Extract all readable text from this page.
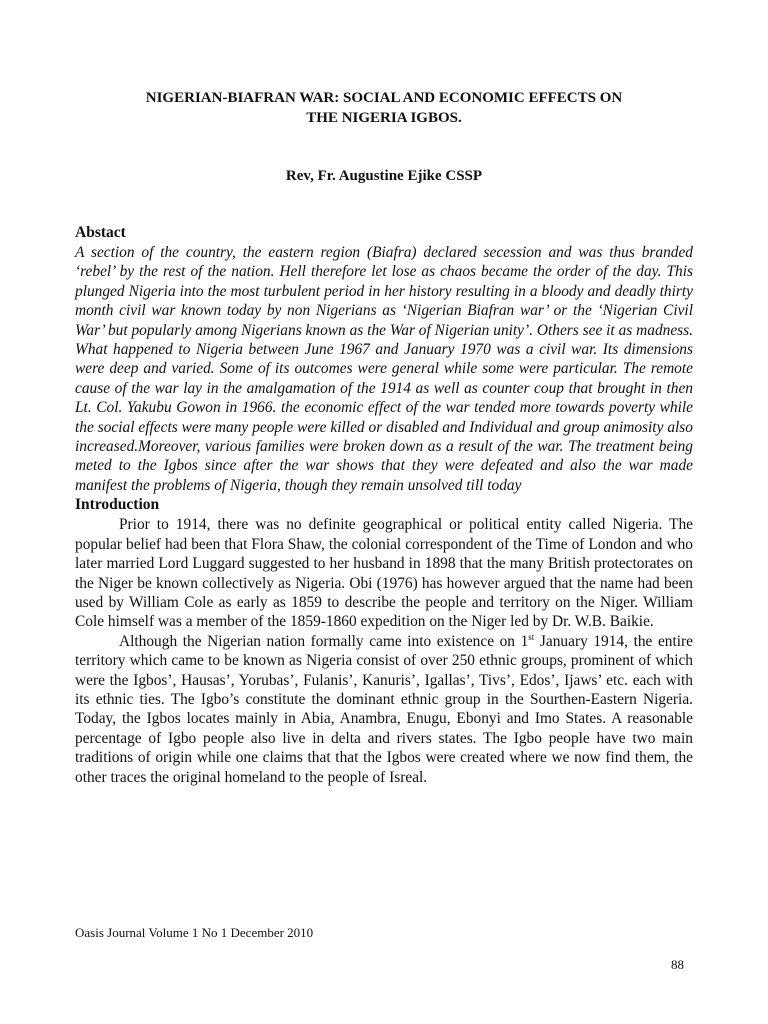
NIGERIAN-BIAFRAN WAR: SOCIAL AND ECONOMIC EFFECTS ON
THE NIGERIA IGBOS.

Rev, Fr. Augustine Ejike CSSP

Abstact

A section of the country, the eastern region (Biafra) declared secession and was thus branded ‘rebel’ by the rest of the nation. Hell therefore let lose as chaos became the order of the day. This plunged Nigeria into the most turbulent period in her history resulting in a bloody and deadly thirty month civil war known today by non Nigerians as ‘Nigerian Biafran war’ or the ‘Nigerian Civil War’ but popularly among Nigerians known as the War of Nigerian unity’. Others see it as madness. What happened to Nigeria between June 1967 and January 1970 was a civil war. Its dimensions were deep and varied. Some of its outcomes were general while some were particular. The remote cause of the war lay in the amalgamation of the 1914 as well as counter coup that brought in then Lt. Col. Yakubu Gowon in 1966. the economic effect of the war tended more towards poverty while the social effects were many people were killed or disabled and Individual and group animosity also increased.Moreover, various families were broken down as a result of the war. The treatment being meted to the Igbos since after the war shows that they were defeated and also the war made manifest the problems of Nigeria, though they remain unsolved till today

Introduction

Prior to 1914, there was no definite geographical or political entity called Nigeria. The popular belief had been that Flora Shaw, the colonial correspondent of the Time of London and who later married Lord Luggard suggested to her husband in 1898 that the many British protectorates on the Niger be known collectively as Nigeria. Obi (1976) has however argued that the name had been used by William Cole as early as 1859 to describe the people and territory on the Niger. William Cole himself was a member of the 1859-1860 expedition on the Niger led by Dr. W.B. Baikie.

Although the Nigerian nation formally came into existence on 1st January 1914, the entire territory which came to be known as Nigeria consist of over 250 ethnic groups, prominent of which were the Igbos’, Hausas’, Yorubas’, Fulanis’, Kanuris’, Igallas’, Tivs’, Edos’, Ijaws’ etc. each with its ethnic ties. The Igbo’s constitute the dominant ethnic group in the Sourthen-Eastern Nigeria. Today, the Igbos locates mainly in Abia, Anambra, Enugu, Ebonyi and Imo States. A reasonable percentage of Igbo people also live in delta and rivers states. The Igbo people have two main traditions of origin while one claims that that the Igbos were created where we now find them, the other traces the original homeland to the people of Isreal.

Oasis Journal Volume 1 No 1 December 2010
88
